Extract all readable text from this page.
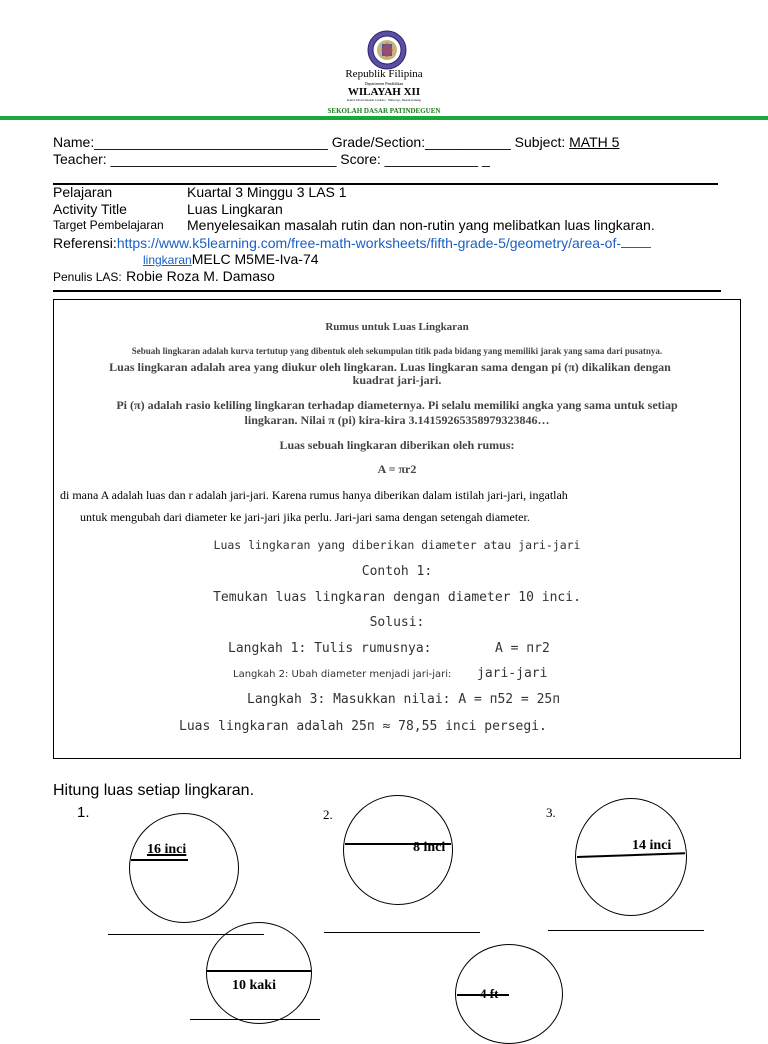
Republik Filipina
Departemen Pendidikan
WILAYAH XII
Kantor Divisi Sekolah Cotabato · Malocogo, Daerah Gunung
SEKOLAH DASAR PATINDEGUEN
Name:______________________________ Grade/Section:___________ Subject: MATH 5
Teacher: _____________________________ Score: ____________ _
Pelajaran	Kuartal 3 Minggu 3 LAS 1
Activity Title	Luas Lingkaran
Target Pembelajaran Menyelesaikan masalah rutin dan non-rutin yang melibatkan luas lingkaran.
Referensi:https://www.k5learning.com/free-math-worksheets/fifth-grade-5/geometry/area-of-
lingkaranMELC M5ME-Iva-74
Penulis LAS: Robie Roza M. Damaso
Rumus untuk Luas Lingkaran
Sebuah lingkaran adalah kurva tertutup yang dibentuk oleh sekumpulan titik pada bidang yang memiliki jarak yang sama dari pusatnya.
Luas lingkaran adalah area yang diukur oleh lingkaran. Luas lingkaran sama dengan pi (π) dikalikan dengan
kuadrat jari-jari.
Pi (π) adalah rasio keliling lingkaran terhadap diameternya. Pi selalu memiliki angka yang sama untuk setiap
lingkaran. Nilai π (pi) kira-kira 3.14159265358979323846…
Luas sebuah lingkaran diberikan oleh rumus:
A = πr2
di mana A adalah luas dan r adalah jari-jari. Karena rumus hanya diberikan dalam istilah jari-jari, ingatlah
untuk mengubah dari diameter ke jari-jari jika perlu. Jari-jari sama dengan setengah diameter.
Luas lingkaran yang diberikan diameter atau jari-jari
Contoh 1:
Temukan luas lingkaran dengan diameter 10 inci.
Solusi:
Langkah 1: Tulis rumusnya:	A = пr2
Langkah 2: Ubah diameter menjadi jari-jari: jari-jari
Langkah 3: Masukkan nilai: A = п52 = 25п
Luas lingkaran adalah 25п ≈ 78,55 inci persegi.
Hitung luas setiap lingkaran.
1.	2.	3.
16 inci	8 inci	14 inci
10 kaki
4 ft
